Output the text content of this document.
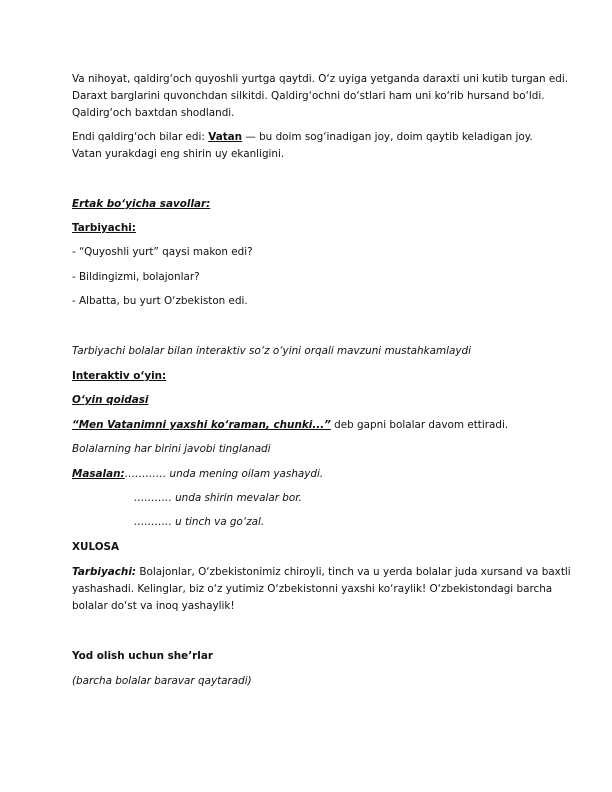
Va nihoyat, qaldirg‘och quyoshli yurtga qaytdi. O‘z uyiga yetganda daraxti uni kutib turgan edi.
Daraxt barglarini quvonchdan silkitdi. Qaldirg‘ochni do‘stlari ham uni ko‘rib hursand bo‘ldi.
Qaldirg‘och baxtdan shodlandi.
Endi qaldirg‘och bilar edi: Vatan — bu doim sog‘inadigan joy, doim qaytib keladigan joy.
Vatan yurakdagi eng shirin uy ekanligini.
Ertak bo‘yicha savollar:
Tarbiyachi:
- “Quyoshli yurt” qaysi makon edi?
- Bildingizmi, bolajonlar?
- Albatta, bu yurt O‘zbekiston edi.
Tarbiyachi bolalar bilan interaktiv so‘z o‘yini orqali mavzuni mustahkamlaydi
Interaktiv o‘yin:
O‘yin qoidasi
“Men Vatanimni yaxshi ko‘raman, chunki...” deb gapni bolalar davom ettiradi.
Bolalarning har birini javobi tinglanadi
Masalan:………… unda mening oilam yashaydi.
……….. unda shirin mevalar bor.
……….. u tinch va go‘zal.
XULOSA
Tarbiyachi: Bolajonlar, O‘zbekistonimiz chiroyli, tinch va u yerda bolalar juda xursand va baxtli
yashashadi. Kelinglar, biz o‘z yutimiz O‘zbekistonni yaxshi ko‘raylik! O‘zbekistondagi barcha
bolalar do‘st va inoq yashaylik!
Yod olish uchun she’rlar
(barcha bolalar baravar qaytaradi)
